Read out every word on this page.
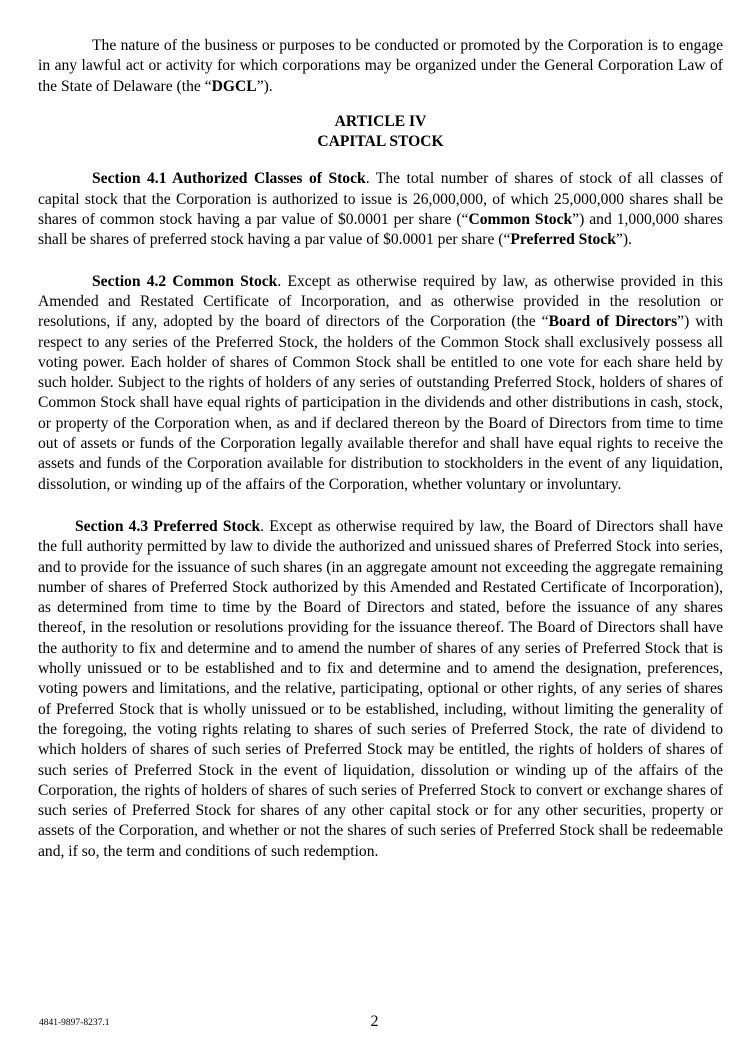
The nature of the business or purposes to be conducted or promoted by the Corporation is to engage in any lawful act or activity for which corporations may be organized under the General Corporation Law of the State of Delaware (the “DGCL”).

ARTICLE IV

CAPITAL STOCK

Section 4.1 Authorized Classes of Stock. The total number of shares of stock of all classes of capital stock that the Corporation is authorized to issue is 26,000,000, of which 25,000,000 shares shall be shares of common stock having a par value of $0.0001 per share (“Common Stock”) and 1,000,000 shares shall be shares of preferred stock having a par value of $0.0001 per share (“Preferred Stock”).

Section 4.2 Common Stock. Except as otherwise required by law, as otherwise provided in this Amended and Restated Certificate of Incorporation, and as otherwise provided in the resolution or resolutions, if any, adopted by the board of directors of the Corporation (the “Board of Directors”) with respect to any series of the Preferred Stock, the holders of the Common Stock shall exclusively possess all voting power. Each holder of shares of Common Stock shall be entitled to one vote for each share held by such holder. Subject to the rights of holders of any series of outstanding Preferred Stock, holders of shares of Common Stock shall have equal rights of participation in the dividends and other distributions in cash, stock, or property of the Corporation when, as and if declared thereon by the Board of Directors from time to time out of assets or funds of the Corporation legally available therefor and shall have equal rights to receive the assets and funds of the Corporation available for distribution to stockholders in the event of any liquidation, dissolution, or winding up of the affairs of the Corporation, whether voluntary or involuntary.

Section 4.3 Preferred Stock. Except as otherwise required by law, the Board of Directors shall have the full authority permitted by law to divide the authorized and unissued shares of Preferred Stock into series, and to provide for the issuance of such shares (in an aggregate amount not exceeding the aggregate remaining number of shares of Preferred Stock authorized by this Amended and Restated Certificate of Incorporation), as determined from time to time by the Board of Directors and stated, before the issuance of any shares thereof, in the resolution or resolutions providing for the issuance thereof. The Board of Directors shall have the authority to fix and determine and to amend the number of shares of any series of Preferred Stock that is wholly unissued or to be established and to fix and determine and to amend the designation, preferences, voting powers and limitations, and the relative, participating, optional or other rights, of any series of shares of Preferred Stock that is wholly unissued or to be established, including, without limiting the generality of the foregoing, the voting rights relating to shares of such series of Preferred Stock, the rate of dividend to which holders of shares of such series of Preferred Stock may be entitled, the rights of holders of shares of such series of Preferred Stock in the event of liquidation, dissolution or winding up of the affairs of the Corporation, the rights of holders of shares of such series of Preferred Stock to convert or exchange shares of such series of Preferred Stock for shares of any other capital stock or for any other securities, property or assets of the Corporation, and whether or not the shares of such series of Preferred Stock shall be redeemable and, if so, the term and conditions of such redemption.

4841-9897-8237.1	2
